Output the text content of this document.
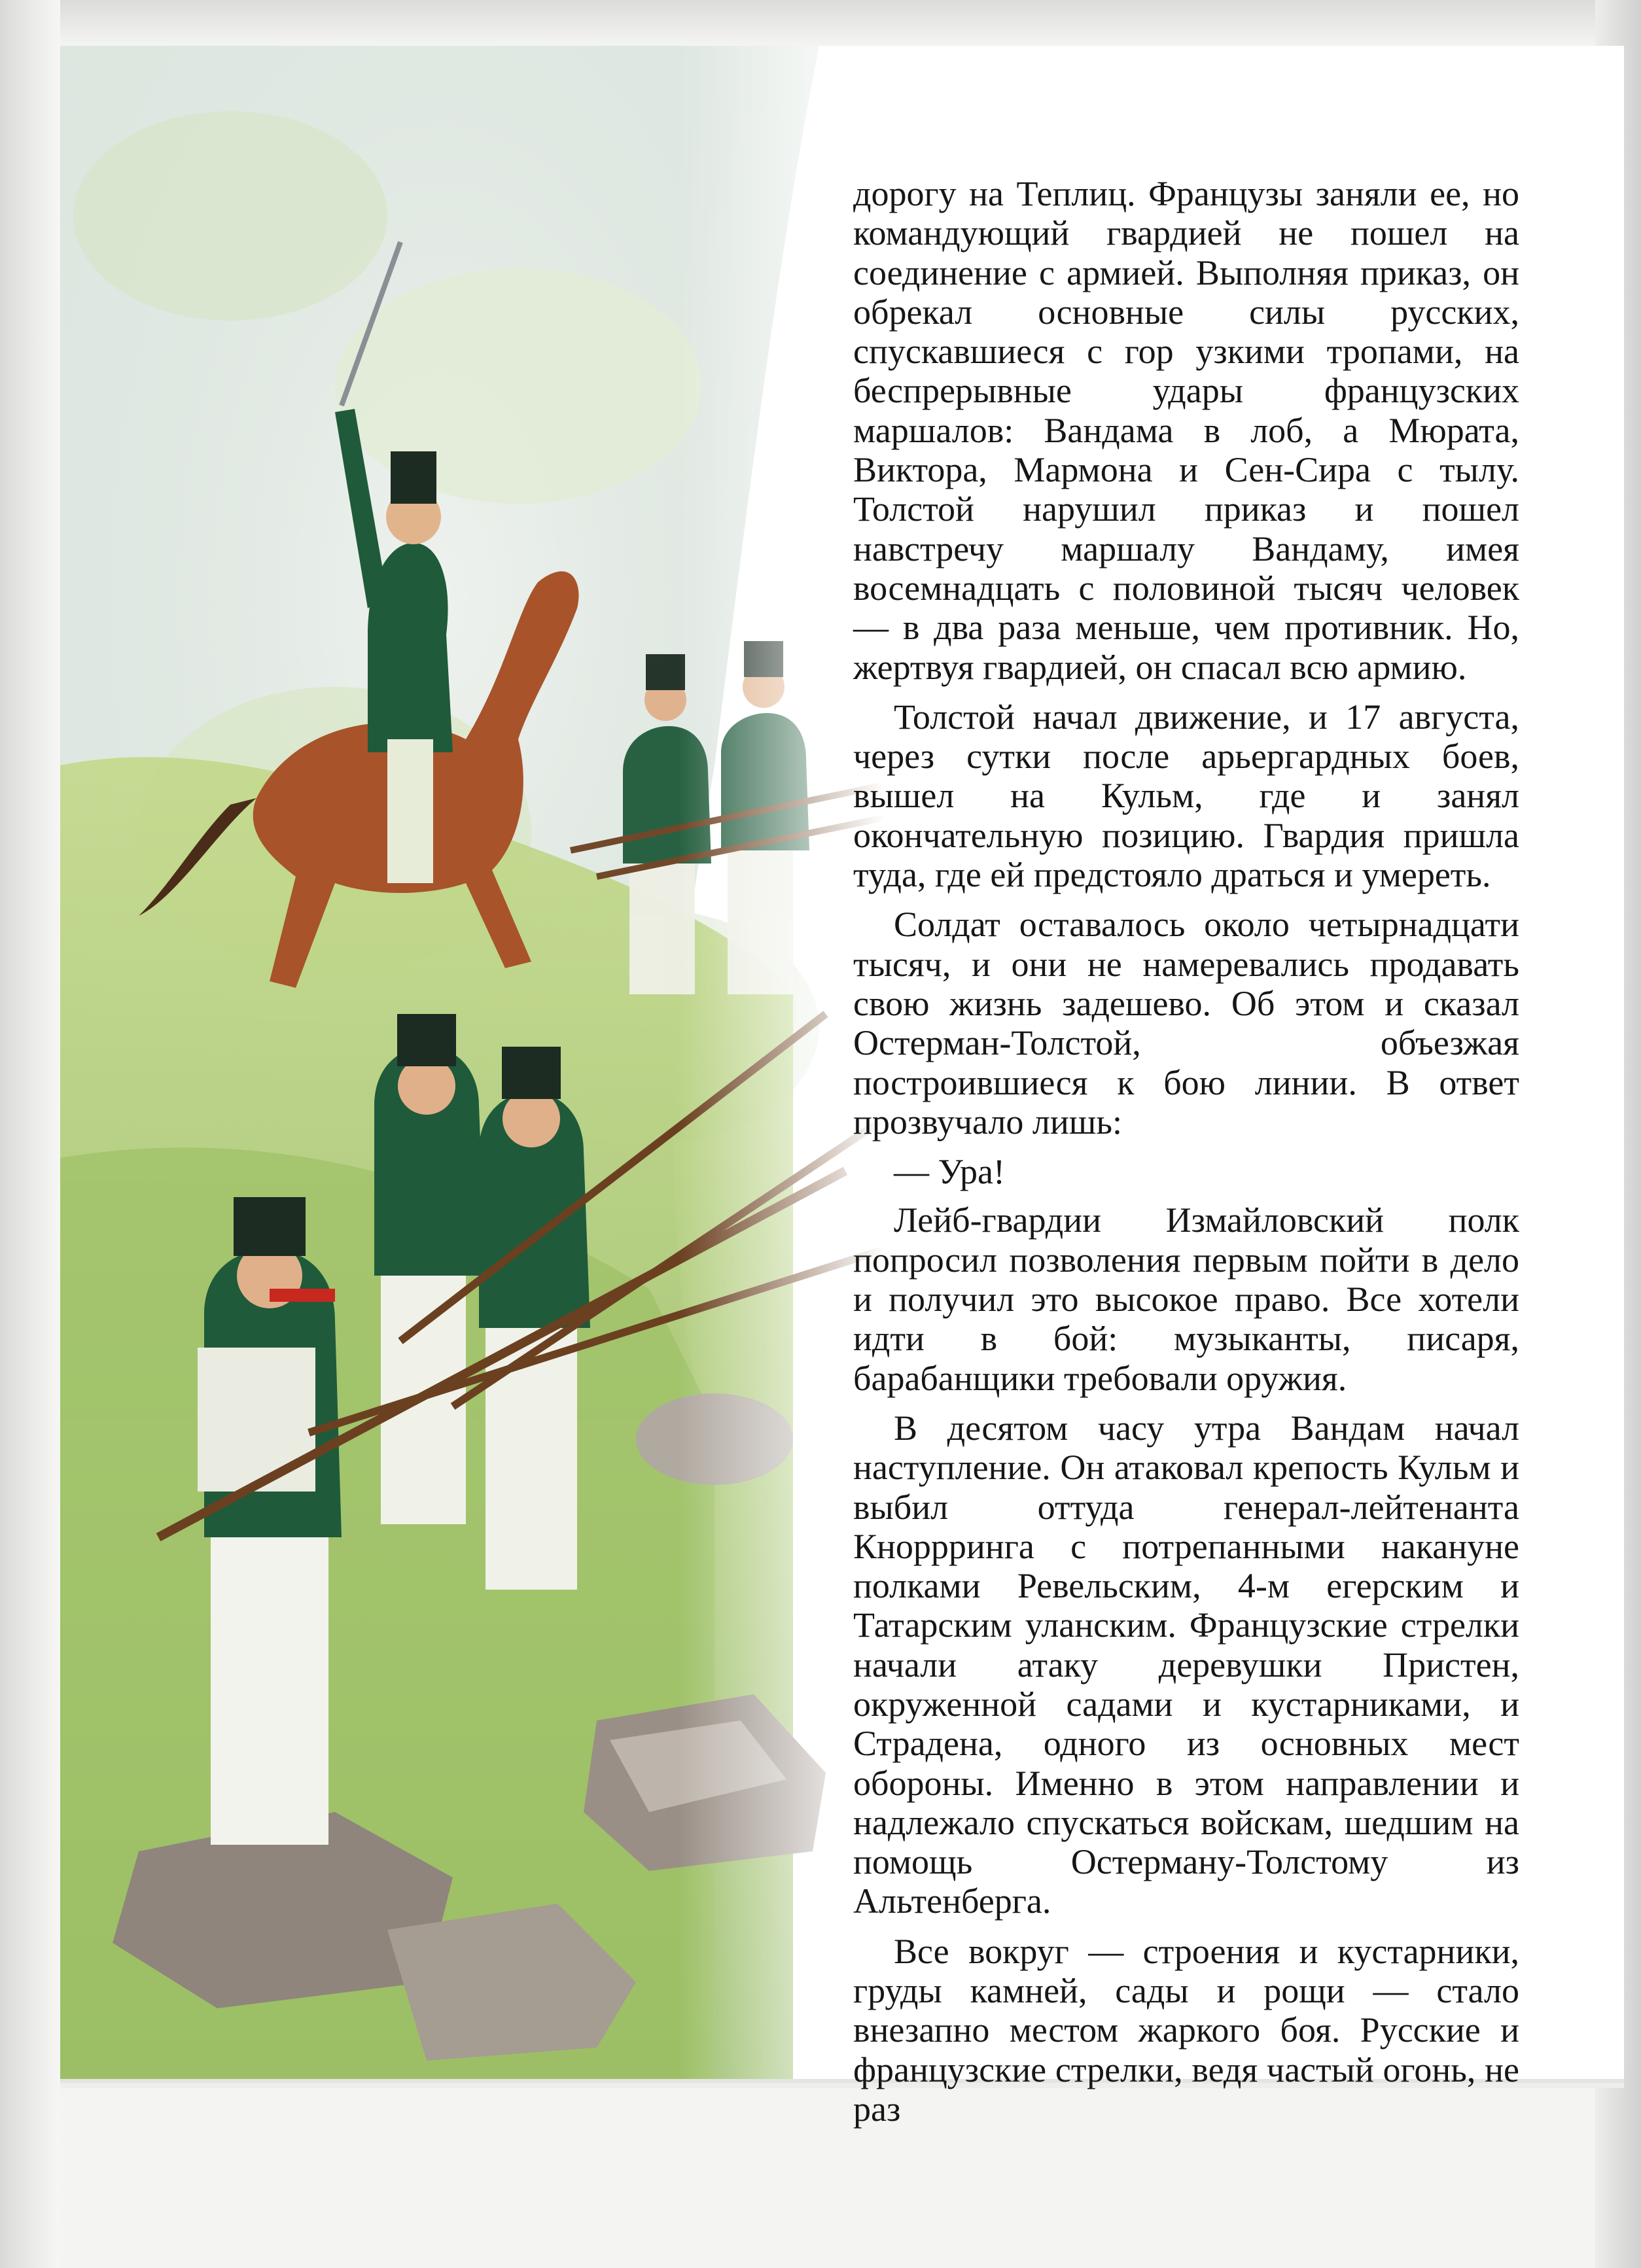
дорогу на Теплиц. Французы заняли ее, но командующий гвардией не пошел на соединение с армией. Выполняя приказ, он обрекал основные силы русских, спускавшиеся с гор узкими тропами, на беспрерывные удары французских маршалов: Вандама в лоб, а Мюрата, Виктора, Мармона и Сен-Сира с тылу. Толстой нарушил приказ и пошел навстречу маршалу Вандаму, имея восемнадцать с половиной тысяч человек — в два раза меньше, чем противник. Но, жертвуя гвардией, он спасал всю армию.

Толстой начал движение, и 17 августа, через сутки после арьергардных боев, вышел на Кульм, где и занял окончательную позицию. Гвардия пришла туда, где ей предстояло драться и умереть.

Солдат оставалось около четырнадцати тысяч, и они не намеревались продавать свою жизнь задешево. Об этом и сказал Остерман-Толстой, объезжая построившиеся к бою линии. В ответ прозвучало лишь:

— Ура!

Лейб-гвардии Измайловский полк попросил позволения первым пойти в дело и получил это высокое право. Все хотели идти в бой: музыканты, писаря, барабанщики требовали оружия.

В десятом часу утра Вандам начал наступление. Он атаковал крепость Кульм и выбил оттуда генерал-лейтенанта Кноррринга с потрепанными накануне полками Ревельским, 4-м егерским и Татарским уланским. Французские стрелки начали атаку деревушки Пристен, окруженной садами и кустарниками, и Страдена, одного из основных мест обороны. Именно в этом направлении и надлежало спускаться войскам, шедшим на помощь Остерману-Толстому из Альтенберга.

Все вокруг — строения и кустарники, груды камней, сады и рощи — стало внезапно местом жаркого боя. Русские и французские стрелки, ведя частый огонь, не раз
